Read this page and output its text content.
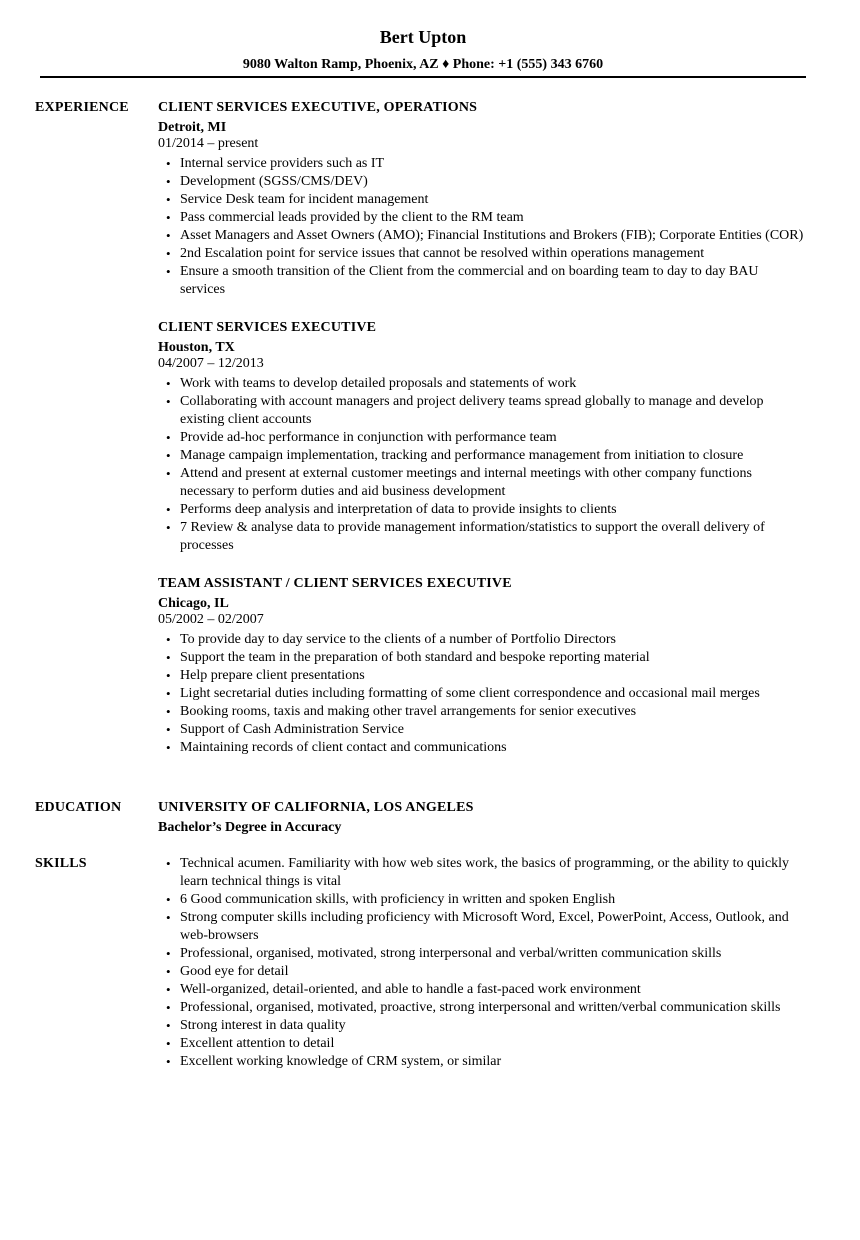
Bert Upton
9080 Walton Ramp, Phoenix, AZ ♦ Phone: +1 (555) 343 6760
EXPERIENCE CLIENT SERVICES EXECUTIVE, OPERATIONS
Detroit, MI
01/2014 – present
• Internal service providers such as IT
• Development (SGSS/CMS/DEV)
• Service Desk team for incident management
• Pass commercial leads provided by the client to the RM team
• Asset Managers and Asset Owners (AMO); Financial Institutions and Brokers (FIB); Corporate Entities (COR)
• 2nd Escalation point for service issues that cannot be resolved within operations management
• Ensure a smooth transition of the Client from the commercial and on boarding team to day to day BAU services
CLIENT SERVICES EXECUTIVE
Houston, TX
04/2007 – 12/2013
• Work with teams to develop detailed proposals and statements of work
• Collaborating with account managers and project delivery teams spread globally to manage and develop existing client accounts
• Provide ad-hoc performance in conjunction with performance team
• Manage campaign implementation, tracking and performance management from initiation to closure
• Attend and present at external customer meetings and internal meetings with other company functions necessary to perform duties and aid business development
• Performs deep analysis and interpretation of data to provide insights to clients
• 7 Review & analyse data to provide management information/statistics to support the overall delivery of processes
TEAM ASSISTANT / CLIENT SERVICES EXECUTIVE
Chicago, IL
05/2002 – 02/2007
• To provide day to day service to the clients of a number of Portfolio Directors
• Support the team in the preparation of both standard and bespoke reporting material
• Help prepare client presentations
• Light secretarial duties including formatting of some client correspondence and occasional mail merges
• Booking rooms, taxis and making other travel arrangements for senior executives
• Support of Cash Administration Service
• Maintaining records of client contact and communications
EDUCATION	UNIVERSITY OF CALIFORNIA, LOS ANGELES
Bachelor’s Degree in Accuracy
SKILLS
•	Technical acumen. Familiarity with how web sites work, the basics of programming, or the ability to quickly learn technical things is vital
• 6 Good communication skills, with proficiency in written and spoken English
• Strong computer skills including proficiency with Microsoft Word, Excel, PowerPoint, Access, Outlook, and web-browsers
• Professional, organised, motivated, strong interpersonal and verbal/written communication skills
• Good eye for detail
• Well-organized, detail-oriented, and able to handle a fast-paced work environment
• Professional, organised, motivated, proactive, strong interpersonal and written/verbal communication skills
• Strong interest in data quality
• Excellent attention to detail
• Excellent working knowledge of CRM system, or similar
